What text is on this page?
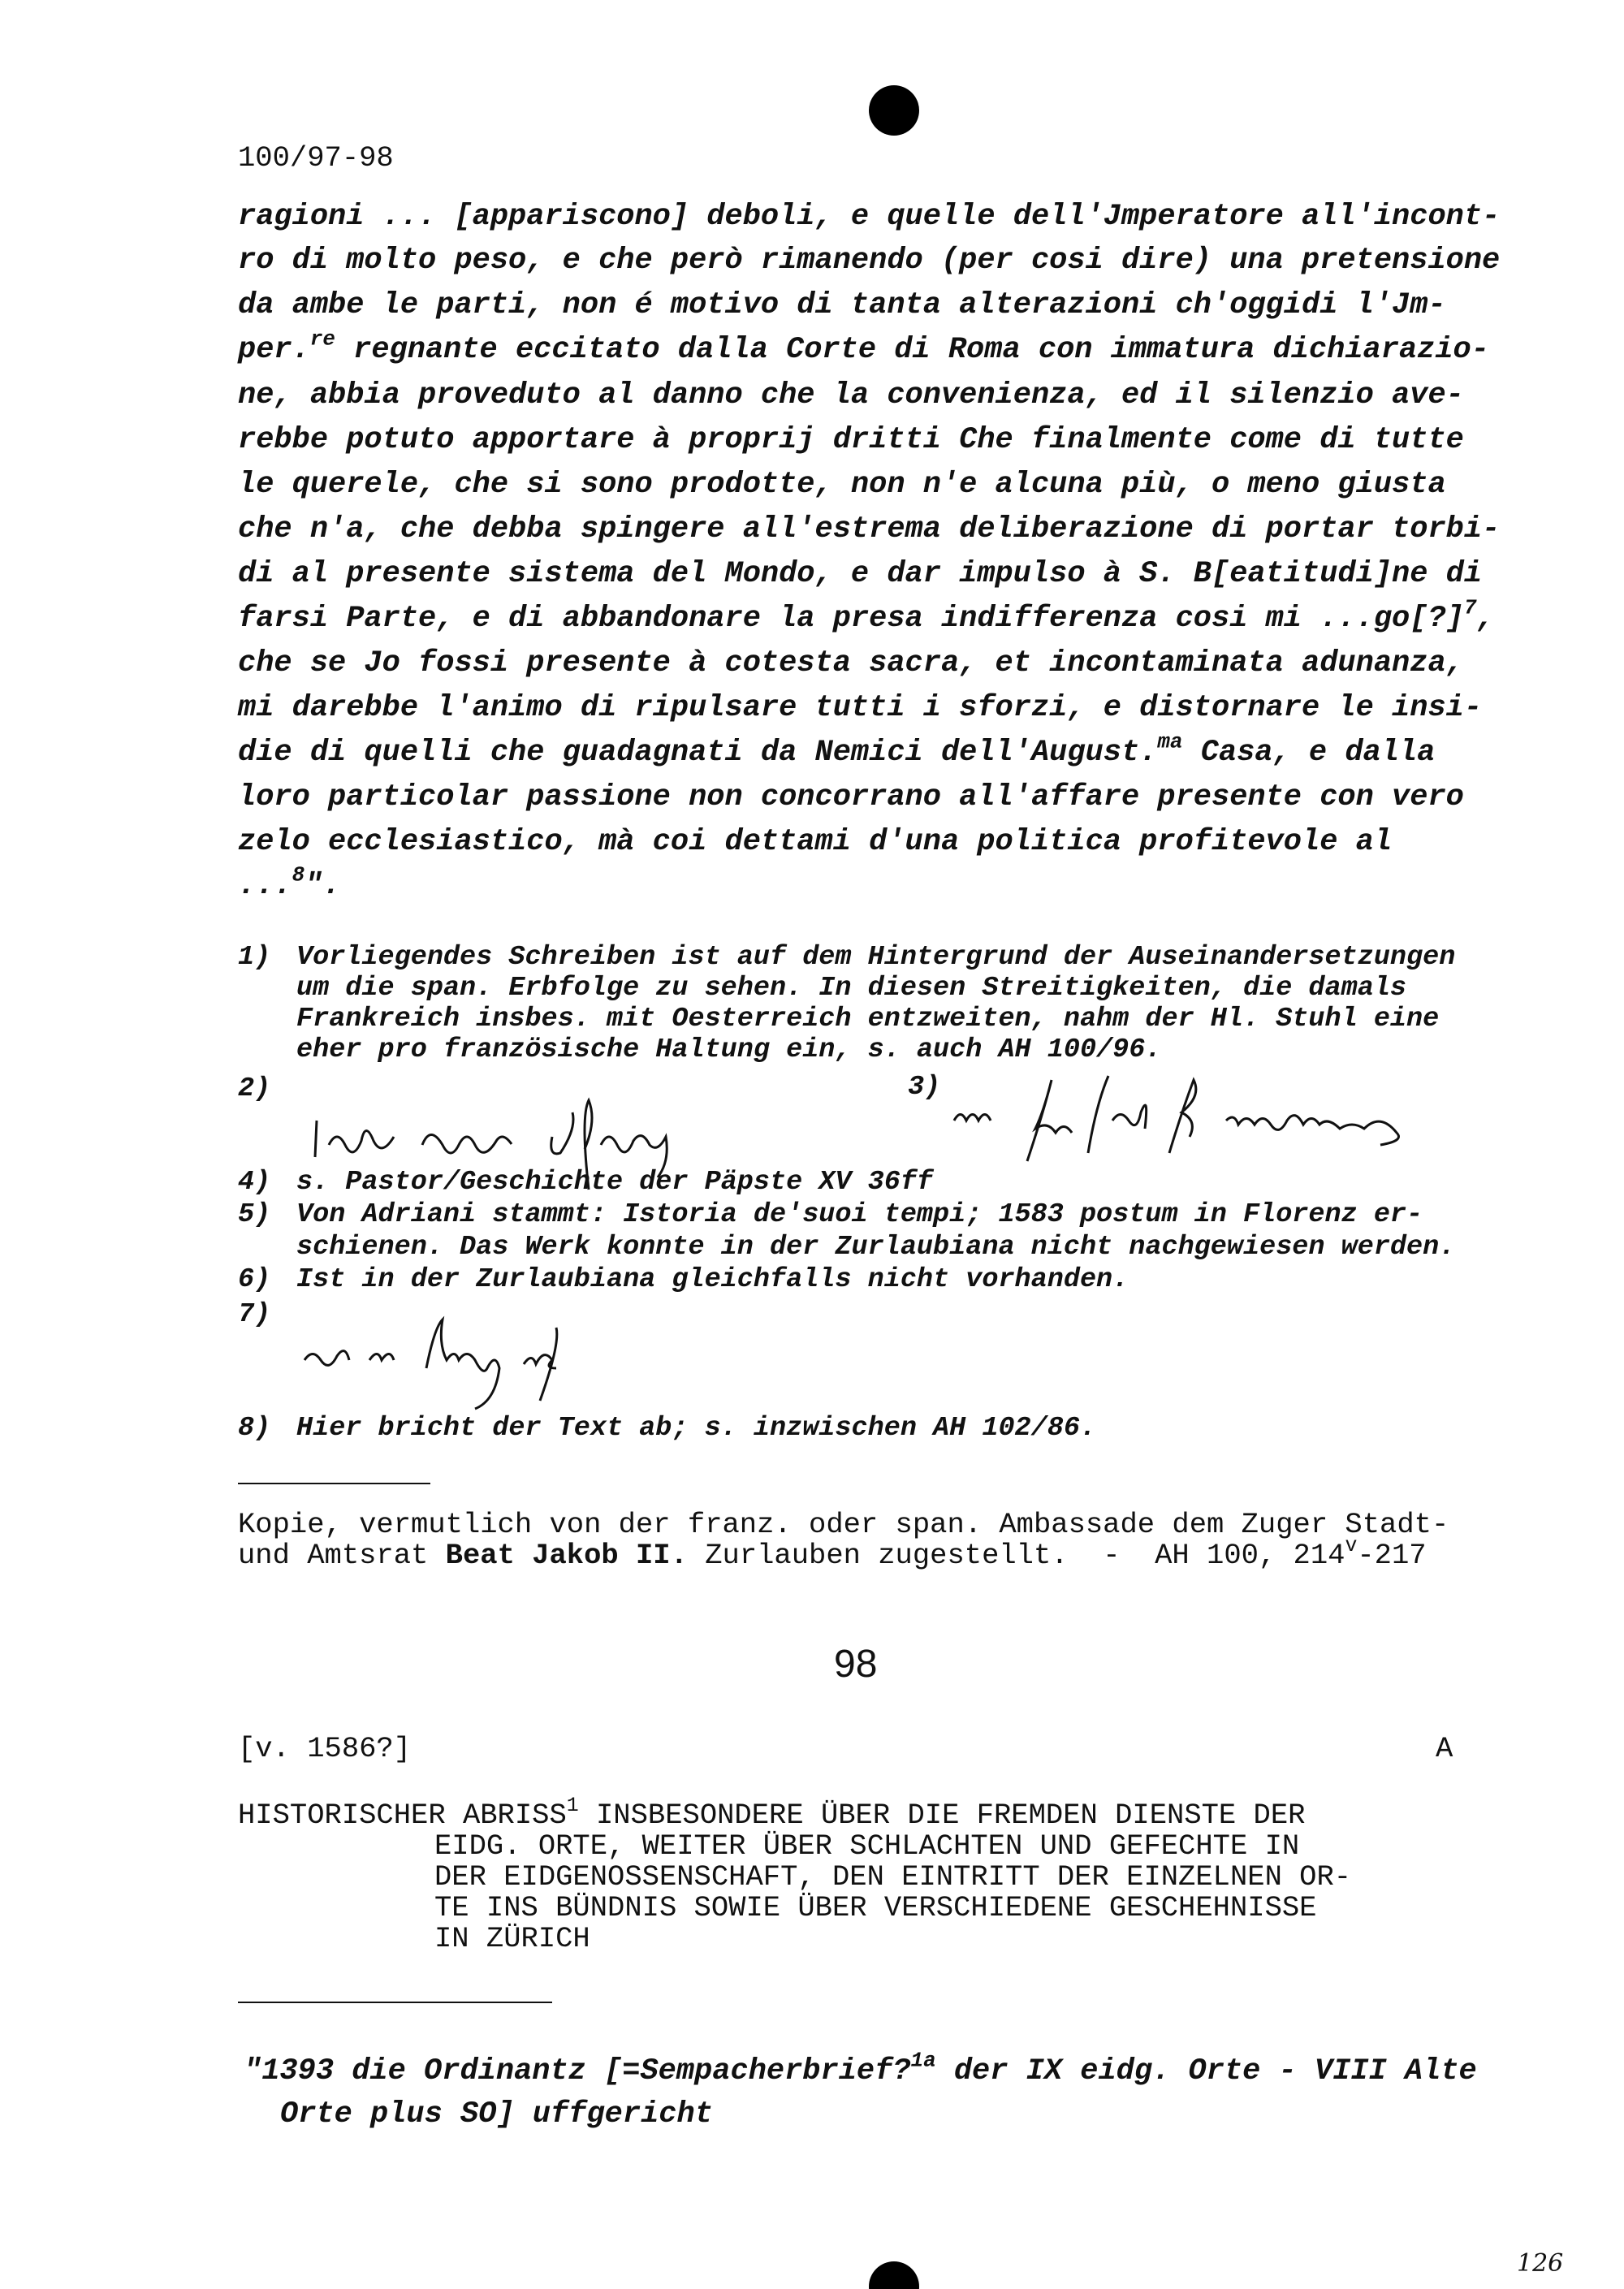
100/97-98
ragioni ... [appariscono] deboli, e quelle dell'Jmperatore all'incont-
ro di molto peso, e che però rimanendo (per cosi dire) una pretensione
da ambe le parti, non é motivo di tanta alterazioni ch'oggidi l'Jm-
per.$^{re}$ regnante eccitato dalla Corte di Roma con immatura dichiarazio-
ne, abbia proveduto al danno che la convenienza, ed il silenzio ave-
rebbe potuto apportare à proprij dritti Che finalmente come di tutte
le querele, che si sono prodotte, non n'e alcuna più, o meno giusta
che n'a, che debba spingere all'estrema deliberazione di portar torbi-
di al presente sistema del Mondo, e dar impulso à S. B[eatitudi]ne di
farsi Parte, e di abbandonare la presa indifferenza cosi mi ...go[?]$^7$,
che se Jo fossi presente à cotesta sacra, et incontaminata adunanza,
mi darebbe l'animo di ripulsare tutti i sforzi, e distornare le insi-
die di quelli che guadagnati da Nemici dell'August.$^{ma}$ Casa, e dalla
loro particolar passione non concorrano all'affare presente con vero
zelo ecclesiastico, mà coi dettami d'una politica profitevole al
...$^8$".
1) Vorliegendes Schreiben ist auf dem Hintergrund der Auseinandersetzungen
um die span. Erbfolge zu sehen. In diesen Streitigkeiten, die damals
Frankreich insbes. mit Oesterreich entzweiten, nahm der Hl. Stuhl eine
eher pro französische Haltung ein, s. auch AH 100/96.
2)	3)
4) s. Pastor/Geschichte der Päpste XV 36ff
5) Von Adriani stammt: Istoria de'suoi tempi; 1583 postum in Florenz er-
schienen. Das Werk konnte in der Zurlaubiana nicht nachgewiesen werden.
6) Ist in der Zurlaubiana gleichfalls nicht vorhanden.
7)
8) Hier bricht der Text ab; s. inzwischen AH 102/86.
Kopie, vermutlich von der franz. oder span. Ambassade dem Zuger Stadt-
und Amtsrat Beat Jakob II. Zurlauben zugestellt.  -  AH 100, 214$^v$-217
98
[v. 1586?]	A
HISTORISCHER ABRISS$^1$ INSBESONDERE ÜBER DIE FREMDEN DIENSTE DER
EIDG. ORTE, WEITER ÜBER SCHLACHTEN UND GEFECHTE IN
DER EIDGENOSSENSCHAFT, DEN EINTRITT DER EINZELNEN OR-
TE INS BÜNDNIS SOWIE ÜBER VERSCHIEDENE GESCHEHNISSE
IN ZÜRICH
"1393 die Ordinantz [=Sempacherbrief?$^{1a}$ der IX eidg. Orte - VIII Alte
Orte plus SO] uffgericht
126
